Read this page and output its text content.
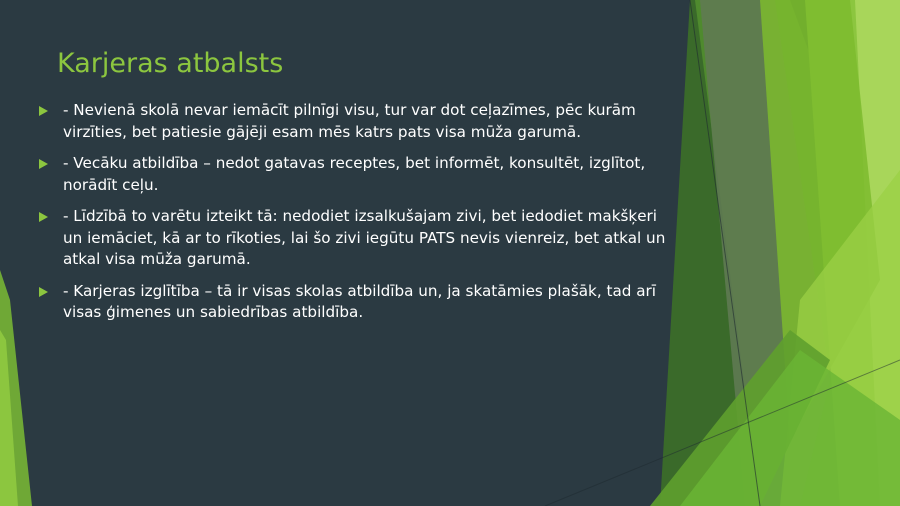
Karjeras atbalsts
- Nevienā skolā nevar iemācīt pilnīgi visu, tur var dot ceļazīmes, pēc kurām virzīties, bet patiesie gājēji esam mēs katrs pats visa mūža garumā.
- Vecāku atbildība – nedot gatavas receptes, bet informēt, konsultēt, izglītot, norādīt ceļu.
- Līdzībā to varētu izteikt tā: nedodiet izsalkušajam zivi, bet iedodiet makšķeri un iemāciet, kā ar to rīkoties, lai šo zivi iegūtu PATS nevis vienreiz, bet atkal un atkal visa mūža garumā.
- Karjeras izglītība – tā ir visas skolas atbildība un, ja skatāmies plašāk, tad arī visas ģimenes un sabiedrības atbildība.
